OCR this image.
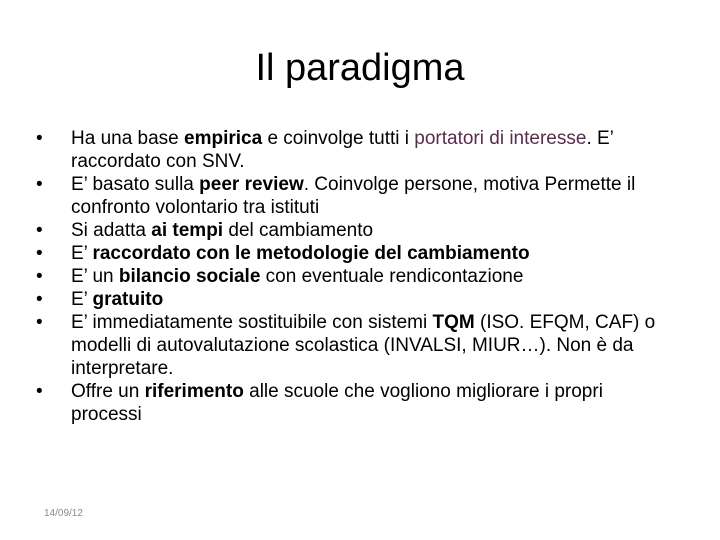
Il paradigma
• Ha una base empirica e coinvolge tutti i portatori di interesse. E’ raccordato con SNV.
• E’ basato sulla peer review. Coinvolge persone, motiva Permette il confronto volontario tra istituti
• Si adatta ai tempi del cambiamento
• E’ raccordato con le metodologie del cambiamento
• E’ un bilancio sociale con eventuale rendicontazione
• E’ gratuito
• E’ immediatamente sostituibile con sistemi TQM (ISO. EFQM, CAF) o modelli di autovalutazione scolastica (INVALSI, MIUR…). Non è da interpretare.
• Offre un riferimento alle scuole che vogliono migliorare i propri processi
14/09/12
